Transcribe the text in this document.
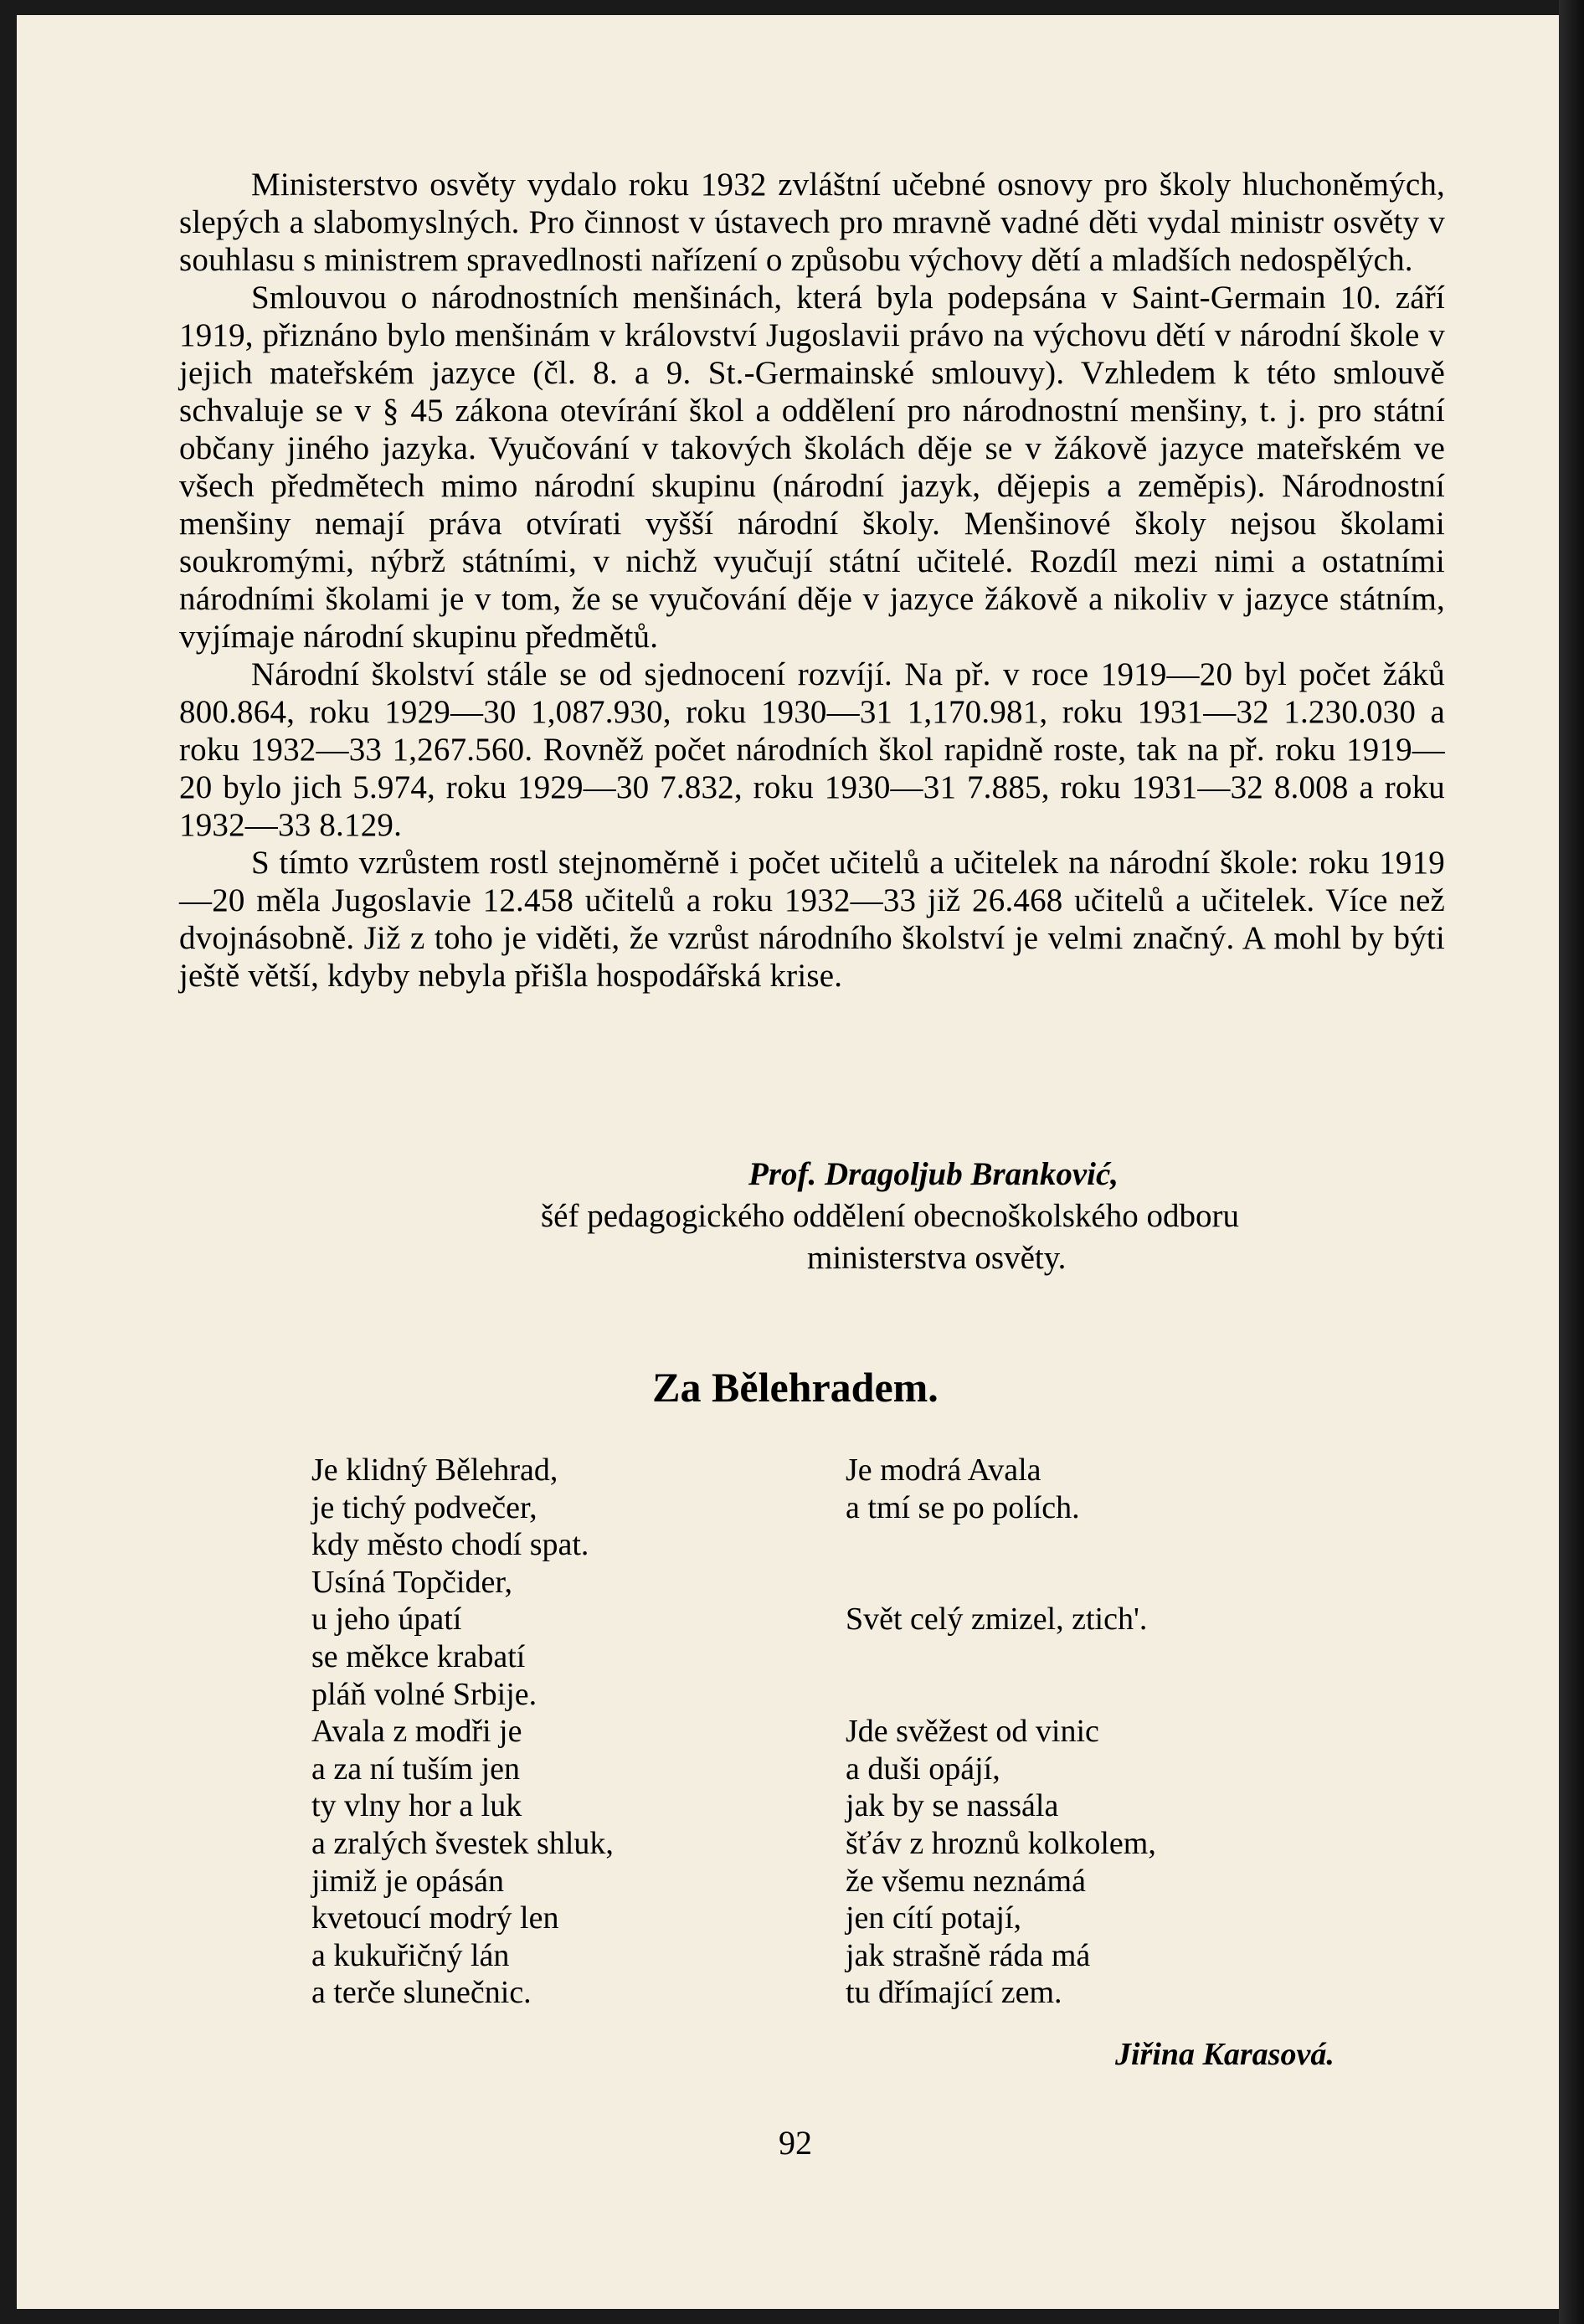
Ministerstvo osvěty vydalo roku 1932 zvláštní učebné osnovy pro školy hluchoněmých, slepých a slabomyslných. Pro činnost v ústavech pro mravně vadné děti vydal ministr osvěty v souhlasu s ministrem spravedlnosti nařízení o způsobu výchovy dětí a mladších nedospělých.

Smlouvou o národnostních menšinách, která byla podepsána v Saint-Germain 10. září 1919, přiznáno bylo menšinám v království Jugoslavii právo na výchovu dětí v národní škole v jejich mateřském jazyce (čl. 8. a 9. St.-Germainské smlouvy). Vzhledem k této smlouvě schvaluje se v § 45 zákona otevírání škol a oddělení pro národnostní menšiny, t. j. pro státní občany jiného jazyka. Vyučování v takových školách děje se v žákově jazyce mateřském ve všech předmětech mimo národní skupinu (národní jazyk, dějepis a zeměpis). Národnostní menšiny nemají práva otvírati vyšší národní školy. Menšinové školy nejsou školami soukromými, nýbrž státními, v nichž vyučují státní učitelé. Rozdíl mezi nimi a ostatními národními školami je v tom, že se vyučování děje v jazyce žákově a nikoliv v jazyce státním, vyjímaje národní skupinu předmětů.

Národní školství stále se od sjednocení rozvíjí. Na př. v roce 1919—20 byl počet žáků 800.864, roku 1929—30 1,087.930, roku 1930—31 1,170.981, roku 1931—32 1.230.030 a roku 1932—33 1,267.560. Rovněž počet národních škol rapidně roste, tak na př. roku 1919—20 bylo jich 5.974, roku 1929—30 7.832, roku 1930—31 7.885, roku 1931—32 8.008 a roku 1932—33 8.129.

S tímto vzrůstem rostl stejnoměrně i počet učitelů a učitelek na národní škole: roku 1919—20 měla Jugoslavie 12.458 učitelů a roku 1932—33 již 26.468 učitelů a učitelek. Více než dvojnásobně. Již z toho je viděti, že vzrůst národního školství je velmi značný. A mohl by býti ještě větší, kdyby nebyla přišla hospodářská krise.

Prof. Dragoljub Branković,
šéf pedagogického oddělení obecnoškolského odboru
ministerstva osvěty.
Za Bělehradem.
Je klidný Bělehrad,
je tichý podvečer,
kdy město chodí spat.
Usíná Topčider,
u jeho úpatí
se měkce krabatí
pláň volné Srbije.
Avala z modři je
a za ní tuším jen
ty vlny hor a luk
a zralých švestek shluk,
jimiž je opásán
kvetoucí modrý len
a kukuřičný lán
a terče slunečnic.
Je modrá Avala
a tmí se po polích.
Svět celý zmizel, ztich'.
Jde svěžest od vinic
a duši opájí,
jak by se nassála
šťáv z hroznů kolkolem,
že všemu neznámá
jen cítí potají,
jak strašně ráda má
tu dřímající zem.
Jiřina Karasová.
92
